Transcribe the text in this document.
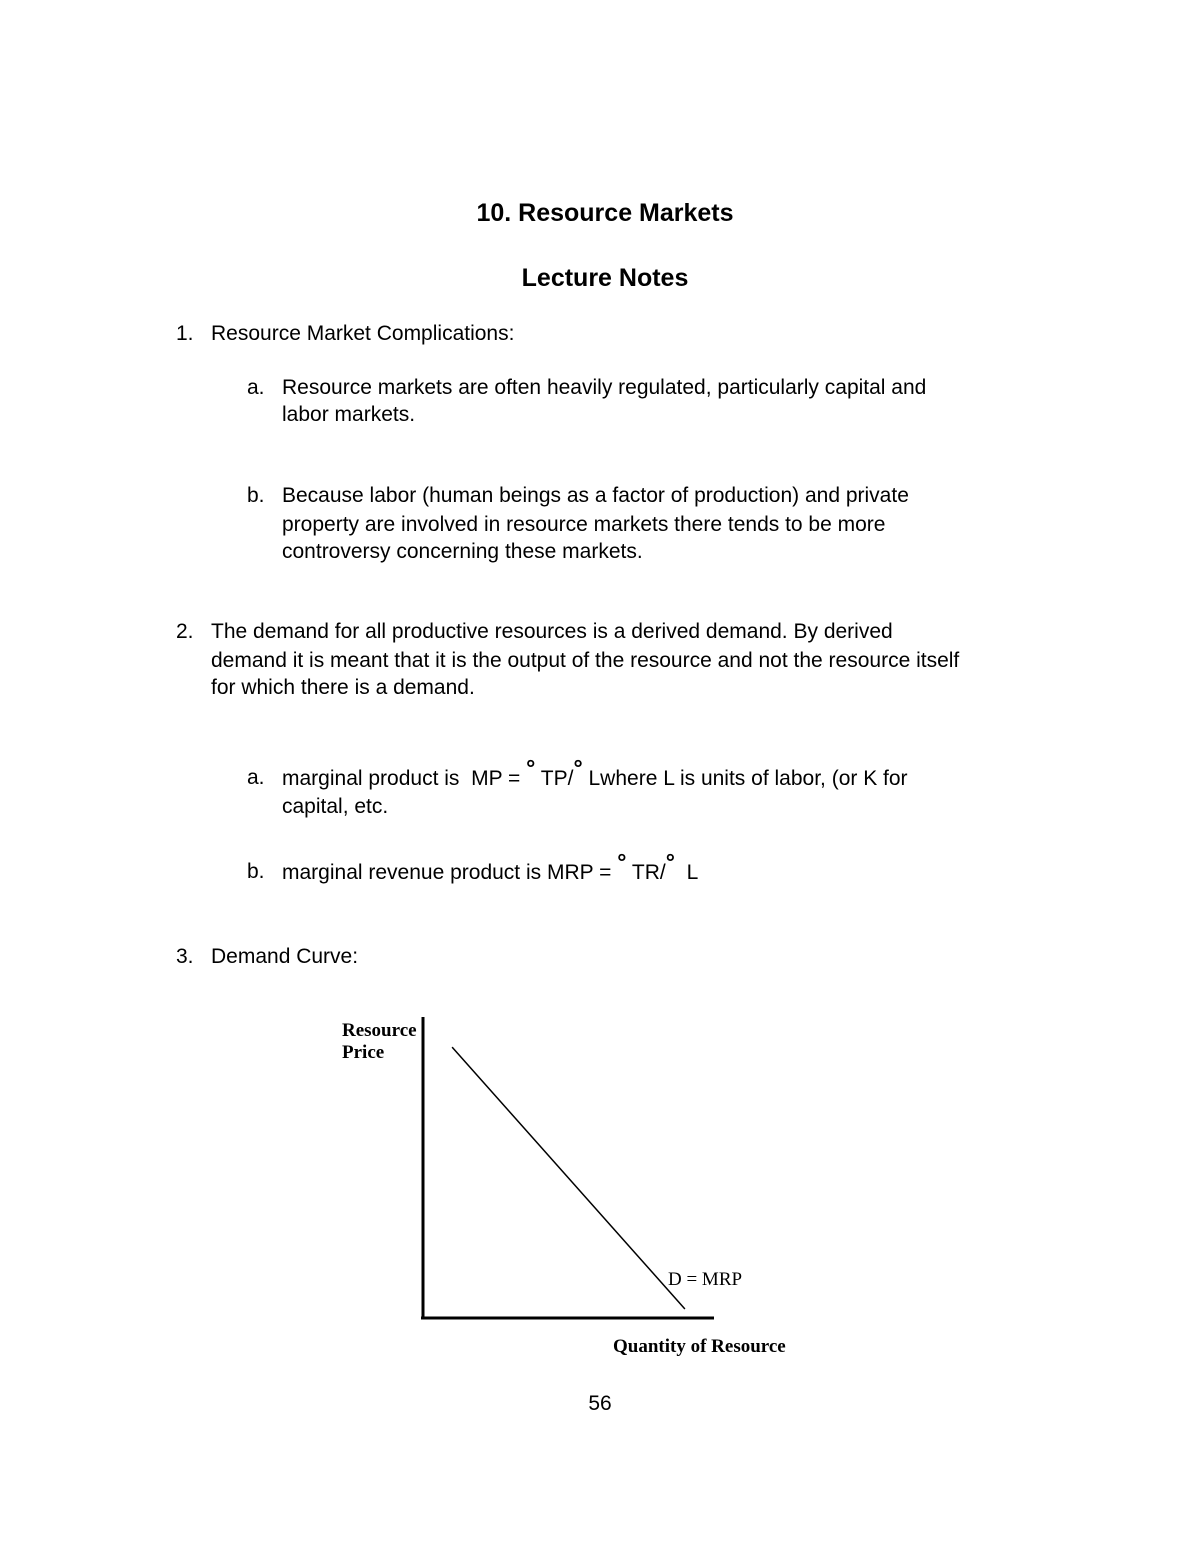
10. Resource Markets
Lecture Notes
1. Resource Market Complications:
a. Resource markets are often heavily regulated, particularly capital and
labor markets.
b. Because labor (human beings as a factor of production) and private
property are involved in resource markets there tends to be more
controversy concerning these markets.
2. The demand for all productive resources is a derived demand. By derived
demand it is meant that it is the output of the resource and not the resource itself
for which there is a demand.
a. marginal product is  MP = ° TP/° Lwhere L is units of labor, (or K for
capital, etc.
b. marginal revenue product is MRP = ° TR/°  L
3. Demand Curve:
Resource
Price
D = MRP
Quantity of Resource
56
